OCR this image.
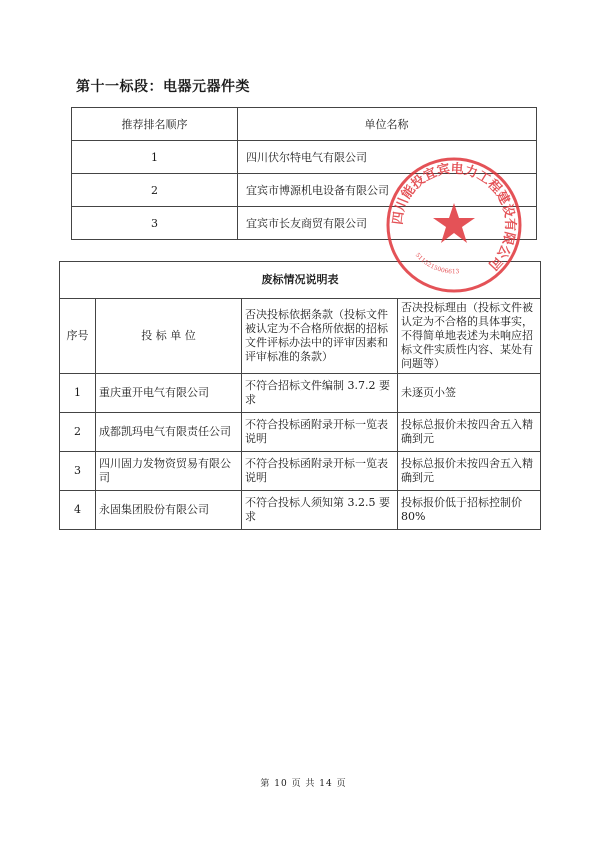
第十一标段：电器元器件类
推荐排名顺序	单位名称
1	四川伏尔特电气有限公司
2	宜宾市博源机电设备有限公司
3	宜宾市长友商贸有限公司
废标情况说明表			
序号	投 标 单 位	否决投标依据条款（投标文件被认定为不合格所依据的招标文件评标办法中的评审因素和评审标准的条款）	否决投标理由（投标文件被认定为不合格的具体事实，不得简单地表述为未响应招标文件实质性内容、某处有问题等）
1	重庆重开电气有限公司	不符合招标文件编制 3.7.2 要求	未逐页小签
2	成都凯玛电气有限责任公司	不符合投标函附录开标一览表说明	投标总报价未按四舍五入精确到元
3	四川固力发物资贸易有限公司	不符合投标函附录开标一览表说明	投标总报价未按四舍五入精确到元
4	永固集团股份有限公司	不符合投标人须知第 3.2.5 要求	投标报价低于招标控制价 80%
四川能投宜宾电力工程建设有限公司
5115215006613
第 10 页 共 14 页
